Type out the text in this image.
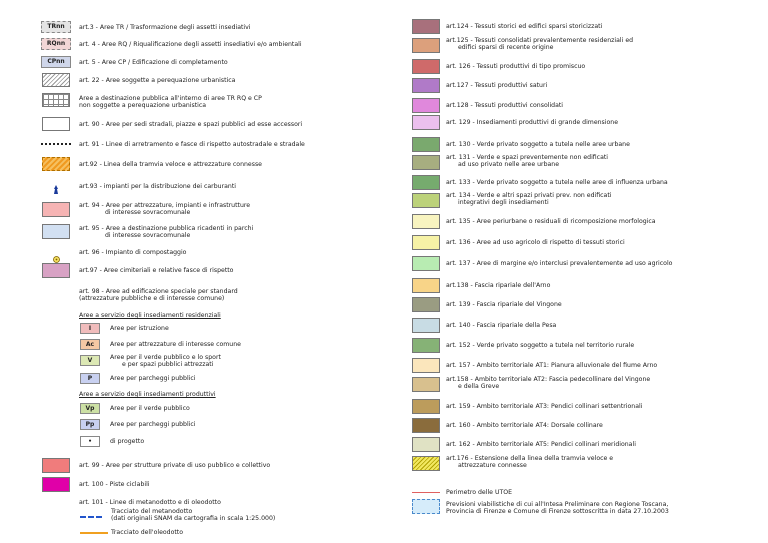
TRnn	art.3 - Aree TR / Trasformazione degli assetti insediativi
RQnn	art. 4 - Aree RQ / Riqualificazione degli assetti insediativi e/o ambientali
CPnn	art. 5 - Aree CP / Edificazione di completamento
art. 22 - Aree soggette a perequazione urbanistica
Aree a destinazione pubblica all'interno di aree TR RQ e CP
non soggette a perequazione urbanistica
art. 90 - Aree per sedi stradali, piazze e spazi pubblici ad esse accessori
art. 91 - Linee di arretramento e fasce di rispetto autostradale e stradale
art.92 - Linea della tramvia veloce e attrezzature connesse
art.93 - impianti per la distribuzione dei carburanti
art. 94 - Aree per attrezzature, impianti e infrastrutture
di interesse sovracomunale
art. 95 - Aree a destinazione pubblica ricadenti in parchi
di interesse sovracomunale
art. 96 - Impianto di compostaggio
art.97 - Aree cimiteriali e relative fasce di rispetto
art. 98 - Aree ad edificazione speciale per standard
(attrezzature pubbliche e di interesse comune)
Aree a servizio degli insediamenti residenziali
I	Aree per istruzione
Ac	Aree per attrezzature di interesse comune
V	Aree per il verde pubblico e lo sport
e per spazi pubblici attrezzati
P	Aree per parcheggi pubblici
Aree a servizio degli insediamenti produttivi
Vp	Aree per il verde pubblico
Pp	Aree per parcheggi pubblici
•	di progetto
art. 99 - Aree per strutture private di uso pubblico e collettivo
art. 100 - Piste ciclabili
art. 101 - Linee di metanodotto e di oleodotto
Tracciato del metanodotto
(dati originali SNAM da cartografia in scala 1:25.000)
Tracciato dell'oleodotto
art.124 - Tessuti storici ed edifici sparsi storicizzati
art.125 - Tessuti consolidati prevalentemente residenziali ed
edifici sparsi di recente origine
art. 126 - Tessuti produttivi di tipo promiscuo
art.127 - Tessuti produttivi saturi
art.128 - Tessuti produttivi consolidati
art. 129 - Insediamenti produttivi di grande dimensione
art. 130 - Verde privato soggetto a tutela nelle aree urbane
art. 131 - Verde e spazi preventemente non edificati
ad uso privato nelle aree urbane
art. 133 - Verde privato soggetto a tutela nelle aree di influenza urbana
art. 134 - Verde e altri spazi privati prev. non edificati
integrativi degli insediamenti
art. 135 - Aree periurbane o residuali di ricomposizione morfologica
art. 136 - Aree ad uso agricolo di rispetto di tessuti storici
art. 137 - Aree di margine e/o interclusi prevalentemente ad uso agricolo
art.138 - Fascia ripariale dell'Arno
art. 139 - Fascia ripariale del Vingone
art. 140 - Fascia ripariale della Pesa
art. 152 - Verde privato soggetto a tutela nel territorio rurale
art. 157 - Ambito territoriale AT1: Pianura alluvionale del fiume Arno
art.158 - Ambito territoriale AT2: Fascia pedecollinare del Vingone
e della Greve
art. 159 - Ambito territoriale AT3: Pendici collinari settentrionali
art. 160 - Ambito territoriale AT4: Dorsale collinare
art. 162 - Ambito territoriale AT5: Pendici collinari meridionali
art.176 - Estensione della linea della tramvia veloce e
attrezzature connesse
Perimetro delle UTOE
Previsioni viabilistiche di cui all'Intesa Preliminare con Regione Toscana,
Provincia di Firenze e Comune di Firenze sottoscritta in data 27.10.2003
